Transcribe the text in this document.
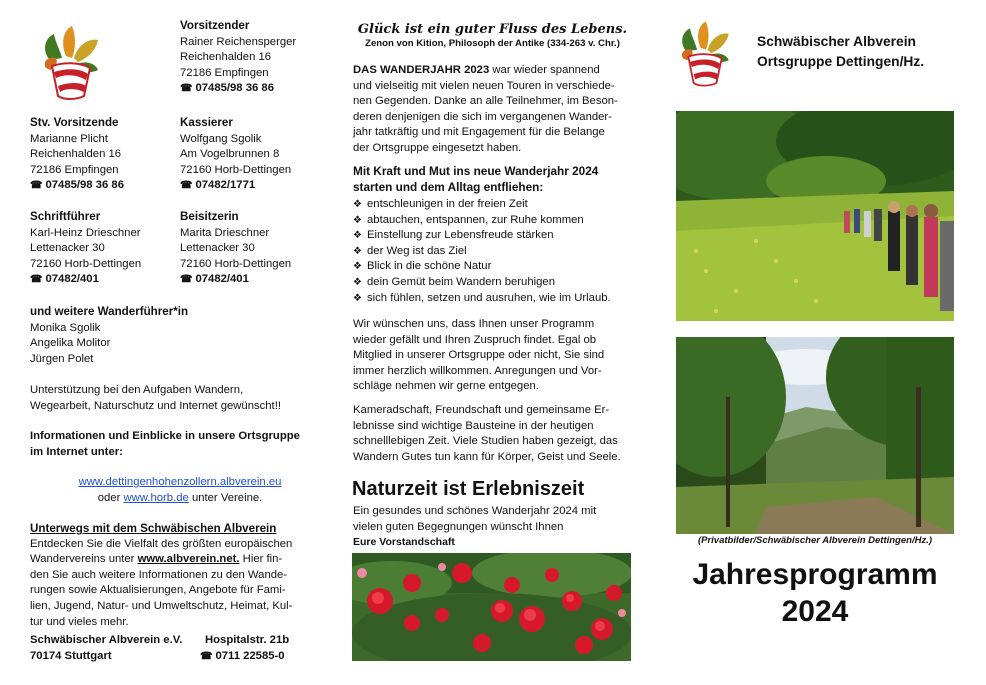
Vorsitzender
Rainer Reichensperger
Reichenhalden 16
72186 Empfingen
☎ 07485/98 36 86
Stv. Vorsitzende
Marianne Plicht
Reichenhalden 16
72186 Empfingen
☎ 07485/98 36 86
Kassierer
Wolfgang Sgolik
Am Vogelbrunnen 8
72160 Horb-Dettingen
☎ 07482/1771
Schriftführer
Karl-Heinz Drieschner
Lettenacker 30
72160 Horb-Dettingen
☎ 07482/401
Beisitzerin
Marita Drieschner
Lettenacker 30
72160 Horb-Dettingen
☎ 07482/401
und weitere Wanderführer*in
Monika Sgolik
Angelika Molitor
Jürgen Polet
Unterstützung bei den Aufgaben Wandern,
Wegearbeit, Naturschutz und Internet gewünscht!!
Informationen und Einblicke in unsere Ortsgruppe
im Internet unter:
www.dettingenhohenzollern.albverein.eu
oder www.horb.de unter Vereine.
Unterwegs mit dem Schwäbischen Albverein
Entdecken Sie die Vielfalt des größten europäischen
Wandervereins unter www.albverein.net. Hier fin-
den Sie auch weitere Informationen zu den Wande-
rungen sowie Aktualisierungen, Angebote für Fami-
lien, Jugend, Natur- und Umweltschutz, Heimat, Kul-
tur und vieles mehr.
Schwäbischer Albverein e.V. Hospitalstr. 21b
70174 Stuttgart	☎ 0711 22585-0
Glück ist ein guter Fluss des Lebens.
Zenon von Kition, Philosoph der Antike (334-263 v. Chr.)
DAS WANDERJAHR 2023 war wieder spannend
und vielseitig mit vielen neuen Touren in verschiede-
nen Gegenden. Danke an alle Teilnehmer, im Beson-
deren denjenigen die sich im vergangenen Wander-
jahr tatkräftig und mit Engagement für die Belange
der Ortsgruppe eingesetzt haben.
Mit Kraft und Mut ins neue Wanderjahr 2024
starten und dem Alltag entfliehen:
❖ entschleunigen in der freien Zeit
❖ abtauchen, entspannen, zur Ruhe kommen
❖ Einstellung zur Lebensfreude stärken
❖ der Weg ist das Ziel
❖ Blick in die schöne Natur
❖ dein Gemüt beim Wandern beruhigen
❖ sich fühlen, setzen und ausruhen, wie im Urlaub.
Wir wünschen uns, dass Ihnen unser Programm
wieder gefällt und Ihren Zuspruch findet. Egal ob
Mitglied in unserer Ortsgruppe oder nicht, Sie sind
immer herzlich willkommen. Anregungen und Vor-
schläge nehmen wir gerne entgegen.
Kameradschaft, Freundschaft und gemeinsame Er-
lebnisse sind wichtige Bausteine in der heutigen
schnelllebigen Zeit. Viele Studien haben gezeigt, das
Wandern Gutes tun kann für Körper, Geist und Seele.
Naturzeit ist Erlebniszeit
Ein gesundes und schönes Wanderjahr 2024 mit
vielen guten Begegnungen wünscht Ihnen
Eure Vorstandschaft
Schwäbischer Albverein
Ortsgruppe Dettingen/Hz.
(Privatbilder/Schwäbischer Albverein Dettingen/Hz.)
Jahresprogramm
2024
